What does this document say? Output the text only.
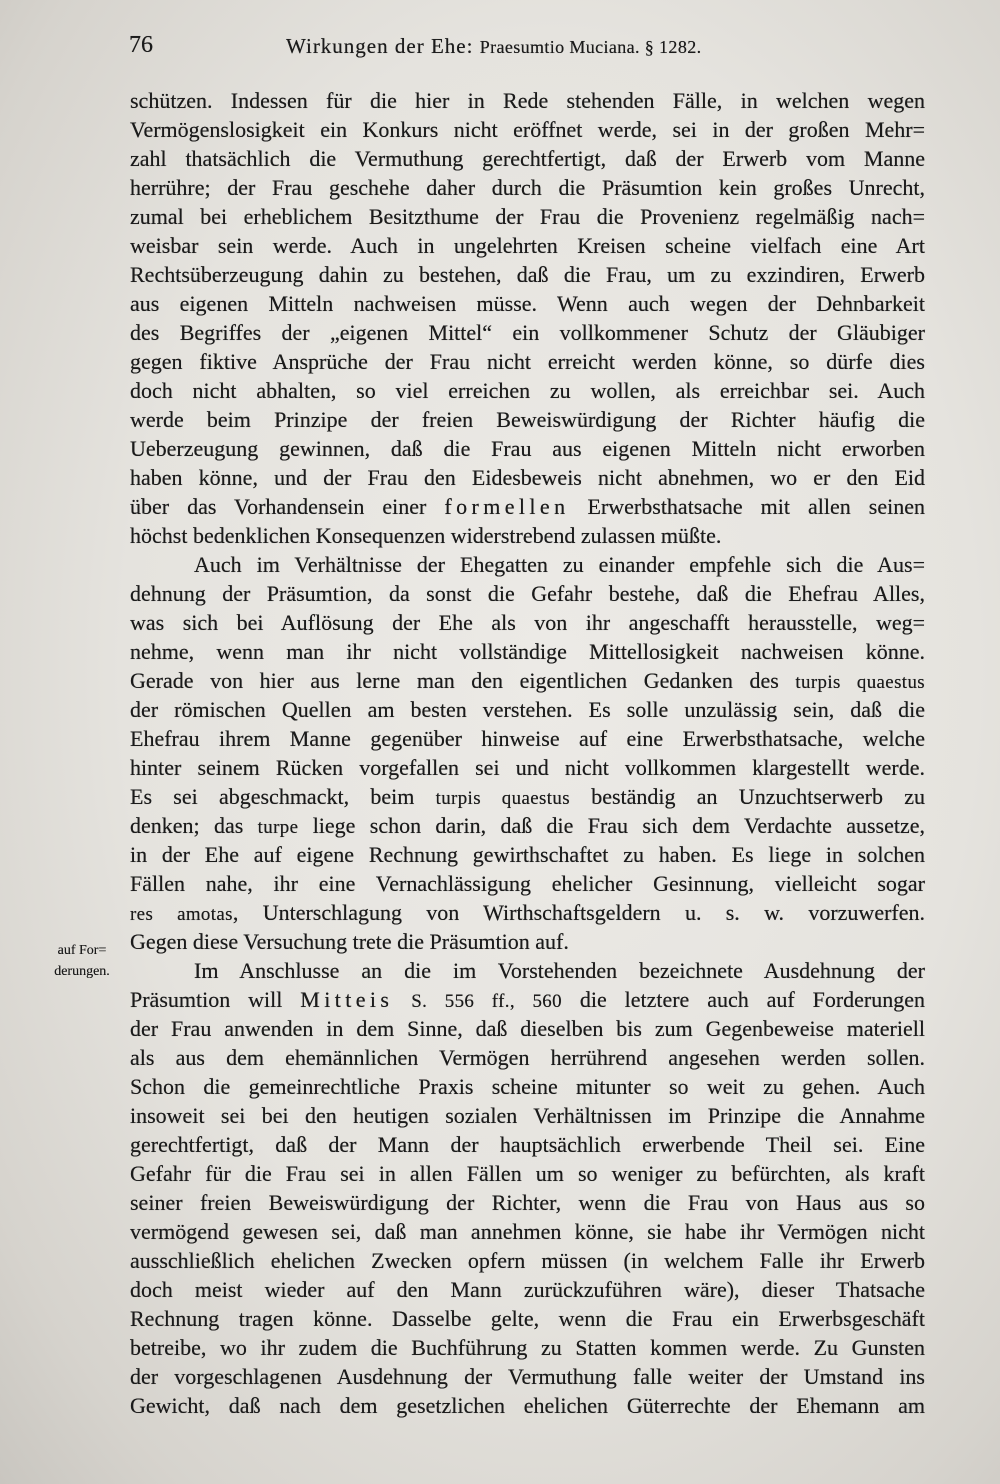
76	Wirkungen der Ehe: Praesumtio Muciana. § 1282.
auf For=
derungen.
schützen. Indessen für die hier in Rede stehenden Fälle, in welchen wegen
Vermögenslosigkeit ein Konkurs nicht eröffnet werde, sei in der großen Mehr=
zahl thatsächlich die Vermuthung gerechtfertigt, daß der Erwerb vom Manne
herrühre; der Frau geschehe daher durch die Präsumtion kein großes Unrecht,
zumal bei erheblichem Besitzthume der Frau die Provenienz regelmäßig nach=
weisbar sein werde. Auch in ungelehrten Kreisen scheine vielfach eine Art
Rechtsüberzeugung dahin zu bestehen, daß die Frau, um zu exzindiren, Erwerb
aus eigenen Mitteln nachweisen müsse. Wenn auch wegen der Dehnbarkeit
des Begriffes der „eigenen Mittel“ ein vollkommener Schutz der Gläubiger
gegen fiktive Ansprüche der Frau nicht erreicht werden könne, so dürfe dies
doch nicht abhalten, so viel erreichen zu wollen, als erreichbar sei. Auch
werde beim Prinzipe der freien Beweiswürdigung der Richter häufig die
Ueberzeugung gewinnen, daß die Frau aus eigenen Mitteln nicht erworben
haben könne, und der Frau den Eidesbeweis nicht abnehmen, wo er den Eid
über das Vorhandensein einer formellen Erwerbsthatsache mit allen seinen
höchst bedenklichen Konsequenzen widerstrebend zulassen müßte.
Auch im Verhältnisse der Ehegatten zu einander empfehle sich die Aus=
dehnung der Präsumtion, da sonst die Gefahr bestehe, daß die Ehefrau Alles,
was sich bei Auflösung der Ehe als von ihr angeschafft herausstelle, weg=
nehme, wenn man ihr nicht vollständige Mittellosigkeit nachweisen könne.
Gerade von hier aus lerne man den eigentlichen Gedanken des turpis quaestus
der römischen Quellen am besten verstehen. Es solle unzulässig sein, daß die
Ehefrau ihrem Manne gegenüber hinweise auf eine Erwerbsthatsache, welche
hinter seinem Rücken vorgefallen sei und nicht vollkommen klargestellt werde.
Es sei abgeschmackt, beim turpis quaestus beständig an Unzuchtserwerb zu
denken; das turpe liege schon darin, daß die Frau sich dem Verdachte aussetze,
in der Ehe auf eigene Rechnung gewirthschaftet zu haben. Es liege in solchen
Fällen nahe, ihr eine Vernachlässigung ehelicher Gesinnung, vielleicht sogar
res amotas, Unterschlagung von Wirthschaftsgeldern u. s. w. vorzuwerfen.
Gegen diese Versuchung trete die Präsumtion auf.
Im Anschlusse an die im Vorstehenden bezeichnete Ausdehnung der
Präsumtion will Mitteis S. 556 ff., 560 die letztere auch auf Forderungen
der Frau anwenden in dem Sinne, daß dieselben bis zum Gegenbeweise materiell
als aus dem ehemännlichen Vermögen herrührend angesehen werden sollen.
Schon die gemeinrechtliche Praxis scheine mitunter so weit zu gehen. Auch
insoweit sei bei den heutigen sozialen Verhältnissen im Prinzipe die Annahme
gerechtfertigt, daß der Mann der hauptsächlich erwerbende Theil sei. Eine
Gefahr für die Frau sei in allen Fällen um so weniger zu befürchten, als kraft
seiner freien Beweiswürdigung der Richter, wenn die Frau von Haus aus so
vermögend gewesen sei, daß man annehmen könne, sie habe ihr Vermögen nicht
ausschließlich ehelichen Zwecken opfern müssen (in welchem Falle ihr Erwerb
doch meist wieder auf den Mann zurückzuführen wäre), dieser Thatsache
Rechnung tragen könne. Dasselbe gelte, wenn die Frau ein Erwerbsgeschäft
betreibe, wo ihr zudem die Buchführung zu Statten kommen werde. Zu Gunsten
der vorgeschlagenen Ausdehnung der Vermuthung falle weiter der Umstand ins
Gewicht, daß nach dem gesetzlichen ehelichen Güterrechte der Ehemann am
